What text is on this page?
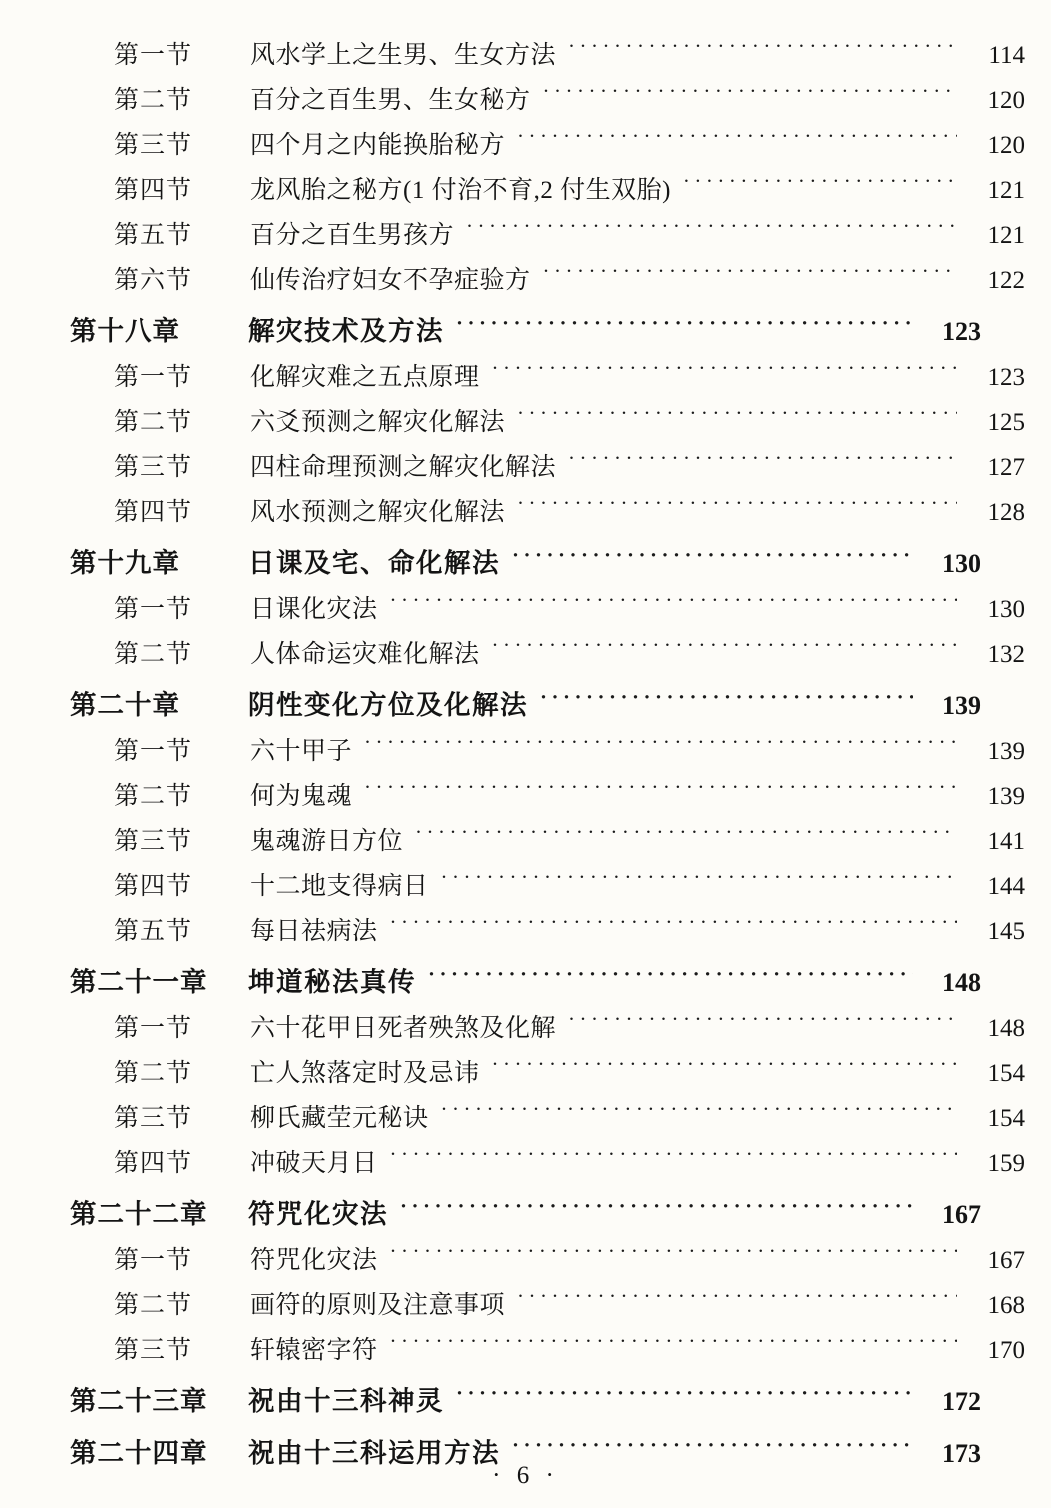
第一节	风水学上之生男、生女方法 ·····	114
第二节	百分之百生男、生女秘方 ·····	120
第三节	四个月之内能换胎秘方 ·····	120
第四节	龙风胎之秘方(1 付治不育,2 付生双胎) ·····	121
第五节	百分之百生男孩方 ·····	121
第六节	仙传治疗妇女不孕症验方 ·····	122
第十八章	解灾技术及方法 ·····	123
第一节	化解灾难之五点原理 ·····	123
第二节	六爻预测之解灾化解法 ·····	125
第三节	四柱命理预测之解灾化解法 ·····	127
第四节	风水预测之解灾化解法 ·····	128
第十九章	日课及宅、命化解法 ·····	130
第一节	日课化灾法 ·····	130
第二节	人体命运灾难化解法 ·····	132
第二十章	阴性变化方位及化解法 ·····	139
第一节	六十甲子 ·····	139
第二节	何为鬼魂 ·····	139
第三节	鬼魂游日方位 ·····	141
第四节	十二地支得病日 ·····	144
第五节	每日祛病法 ·····	145
第二十一章	坤道秘法真传 ·····	148
第一节	六十花甲日死者殃煞及化解 ·····	148
第二节	亡人煞落定时及忌讳 ·····	154
第三节	柳氏藏茔元秘诀 ·····	154
第四节	冲破天月日 ·····	159
第二十二章	符咒化灾法 ·····	167
第一节	符咒化灾法 ·····	167
第二节	画符的原则及注意事项 ·····	168
第三节	轩辕密字符 ·····	170
第二十三章	祝由十三科神灵 ·····	172
第二十四章	祝由十三科运用方法 ·····	173
· 6 ·
